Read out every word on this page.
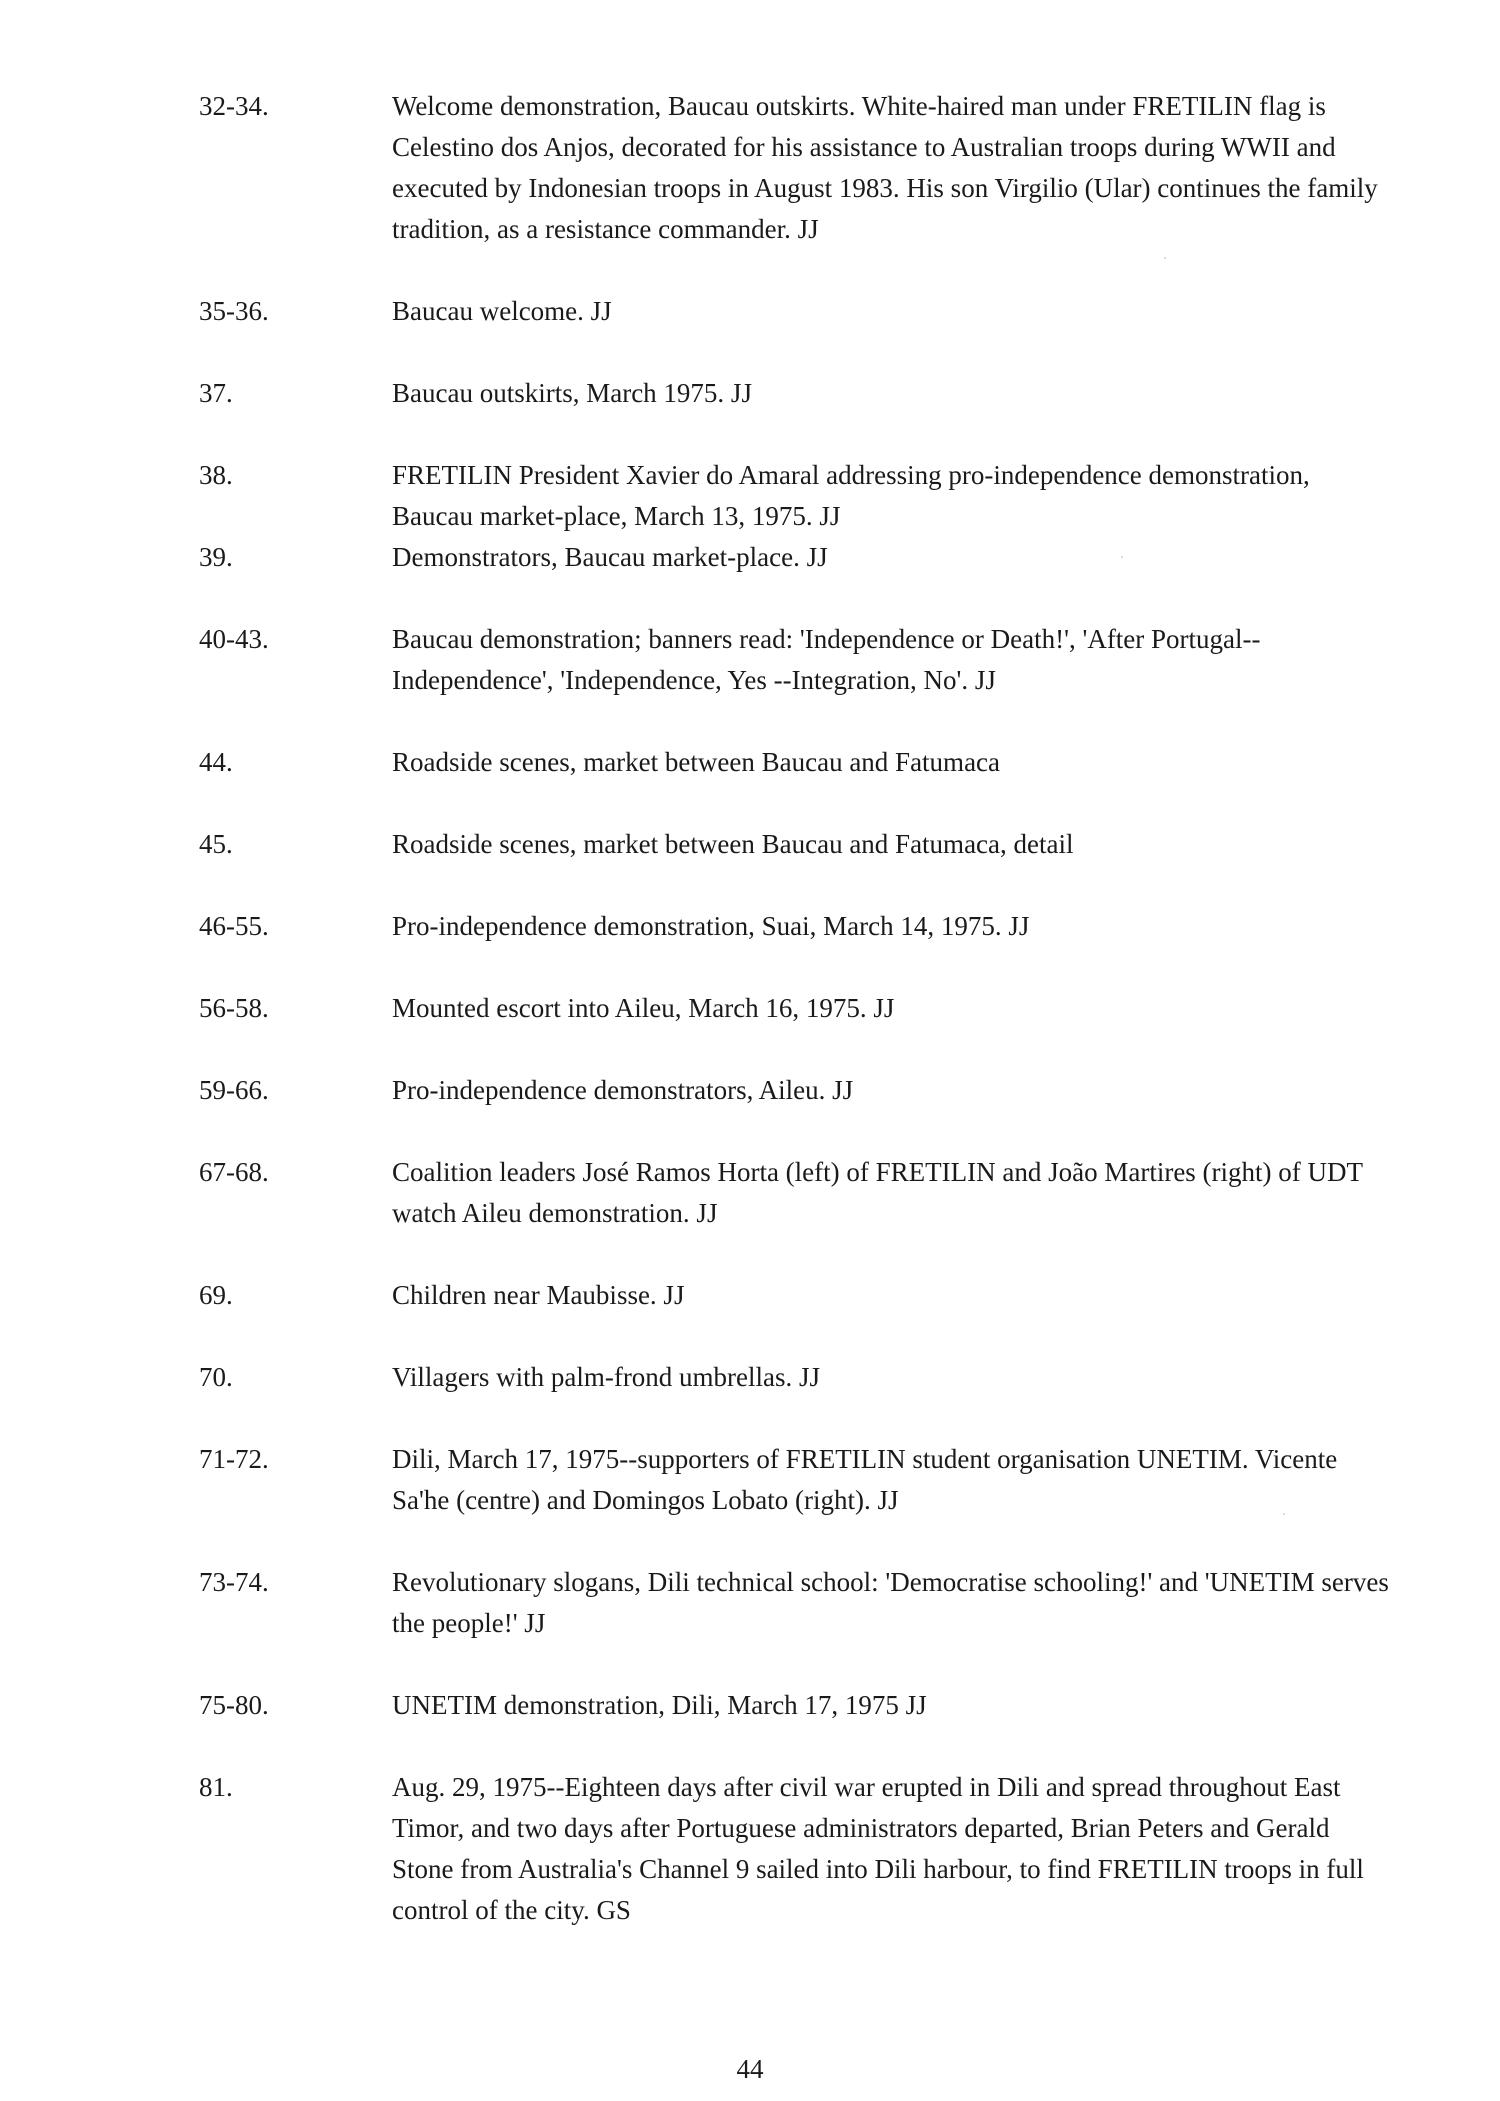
32-34.	Welcome demonstration, Baucau outskirts. White-haired man under FRETILIN flag is Celestino dos Anjos, decorated for his assistance to Australian troops during WWII and executed by Indonesian troops in August 1983. His son Virgilio (Ular) continues the family tradition, as a resistance commander. JJ
35-36.	Baucau welcome. JJ
37.	Baucau outskirts, March 1975. JJ
38.	FRETILIN President Xavier do Amaral addressing pro-independence demonstration, Baucau market-place, March 13, 1975. JJ
39.	Demonstrators, Baucau market-place. JJ
40-43.	Baucau demonstration; banners read: 'Independence or Death!', 'After Portugal--Independence', 'Independence, Yes --Integration, No'. JJ
44.	Roadside scenes, market between Baucau and Fatumaca
45.	Roadside scenes, market between Baucau and Fatumaca, detail
46-55.	Pro-independence demonstration, Suai, March 14, 1975. JJ
56-58.	Mounted escort into Aileu, March 16, 1975. JJ
59-66.	Pro-independence demonstrators, Aileu. JJ
67-68.	Coalition leaders José Ramos Horta (left) of FRETILIN and João Martires (right) of UDT watch Aileu demonstration. JJ
69.	Children near Maubisse. JJ
70.	Villagers with palm-frond umbrellas. JJ
71-72.	Dili, March 17, 1975--supporters of FRETILIN student organisation UNETIM. Vicente Sa'he (centre) and Domingos Lobato (right). JJ
73-74.	Revolutionary slogans, Dili technical school: 'Democratise schooling!' and 'UNETIM serves the people!' JJ
75-80.	UNETIM demonstration, Dili, March 17, 1975 JJ
81.	Aug. 29, 1975--Eighteen days after civil war erupted in Dili and spread throughout East Timor, and two days after Portuguese administrators departed, Brian Peters and Gerald Stone from Australia's Channel 9 sailed into Dili harbour, to find FRETILIN troops in full control of the city. GS
44
